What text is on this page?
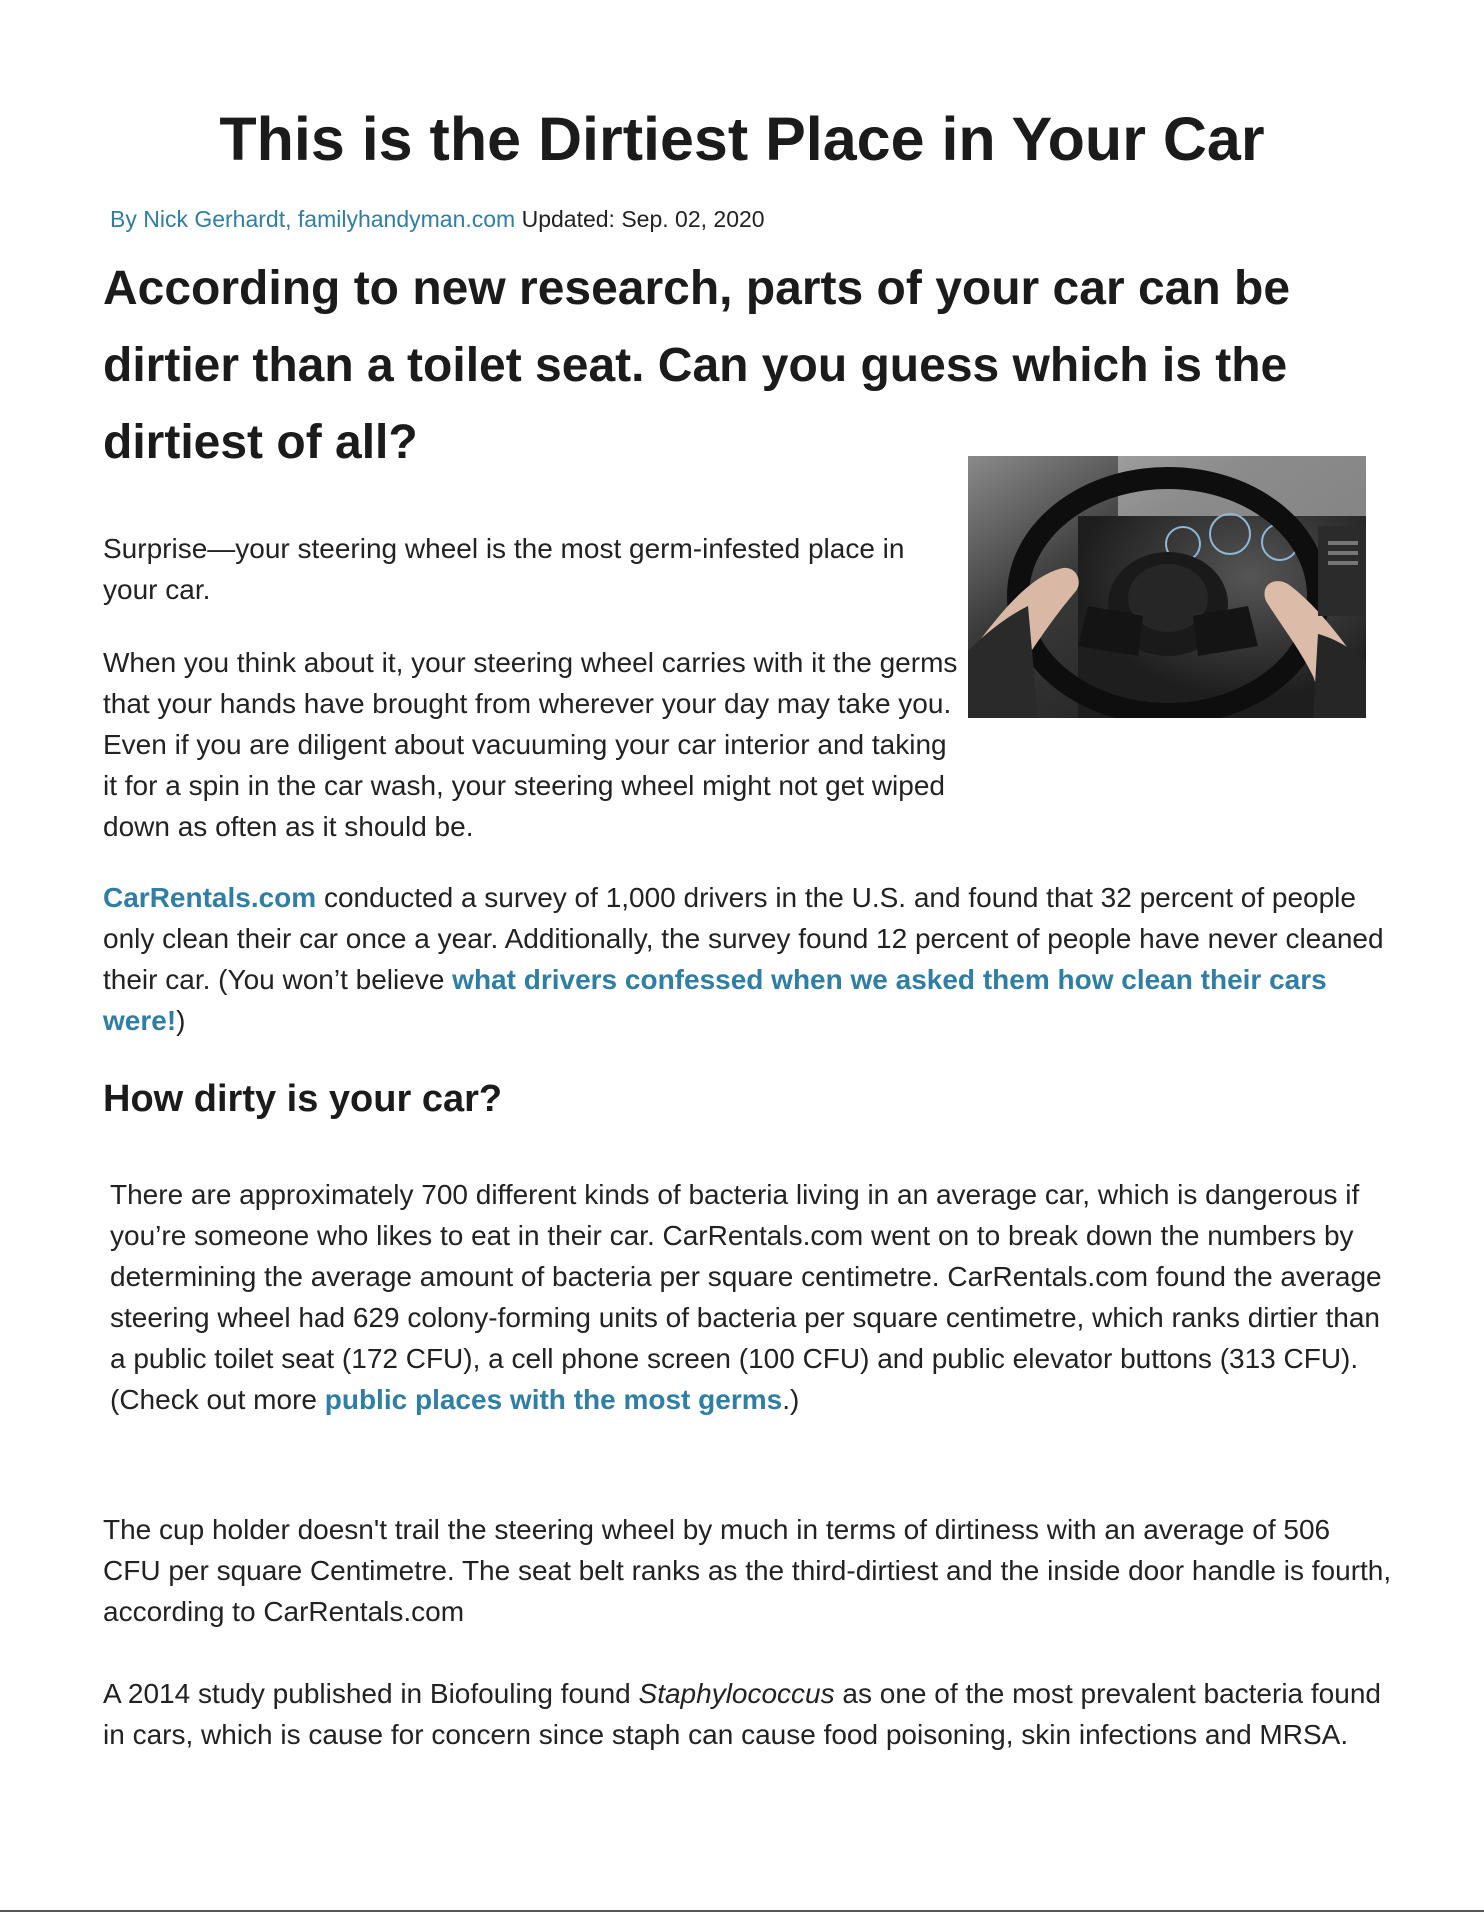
This is the Dirtiest Place in Your Car

By Nick Gerhardt, familyhandyman.com Updated: Sep. 02, 2020

According to new research, parts of your car can be dirtier than a toilet seat. Can you guess which is the dirtiest of all?

Surprise—your steering wheel is the most germ-infested place in your car.

When you think about it, your steering wheel carries with it the germs that your hands have brought from wherever your day may take you. Even if you are diligent about vacuuming your car interior and taking it for a spin in the car wash, your steering wheel might not get wiped down as often as it should be.

CarRentals.com conducted a survey of 1,000 drivers in the U.S. and found that 32 percent of people only clean their car once a year. Additionally, the survey found 12 percent of people have never cleaned their car. (You won’t believe what drivers confessed when we asked them how clean their cars were!)

How dirty is your car?

There are approximately 700 different kinds of bacteria living in an average car, which is dangerous if you’re someone who likes to eat in their car. CarRentals.com went on to break down the numbers by determining the average amount of bacteria per square centimetre. CarRentals.com found the average steering wheel had 629 colony-forming units of bacteria per square centimetre, which ranks dirtier than a public toilet seat (172 CFU), a cell phone screen (100 CFU) and public elevator buttons (313 CFU). (Check out more public places with the most germs.)

The cup holder doesn't trail the steering wheel by much in terms of dirtiness with an average of 506 CFU per square Centimetre. The seat belt ranks as the third-dirtiest and the inside door handle is fourth, according to CarRentals.com

A 2014 study published in Biofouling found Staphylococcus as one of the most prevalent bacteria found in cars, which is cause for concern since staph can cause food poisoning, skin infections and MRSA.
